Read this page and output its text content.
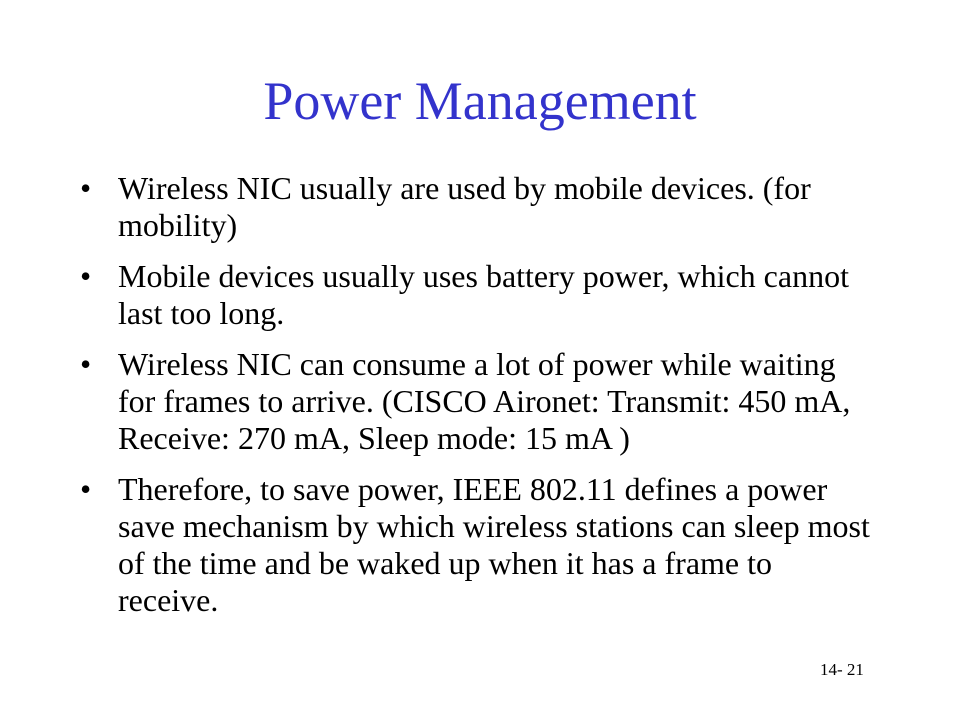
Power Management
• Wireless NIC usually are used by mobile devices. (for mobility)
• Mobile devices usually uses battery power, which cannot last too long.
• Wireless NIC can consume a lot of power while waiting for frames to arrive. (CISCO Aironet: Transmit: 450 mA, Receive: 270 mA, Sleep mode: 15 mA )
• Therefore, to save power, IEEE 802.11 defines a power save mechanism by which wireless stations can sleep most of the time and be waked up when it has a frame to receive.
14- 21
